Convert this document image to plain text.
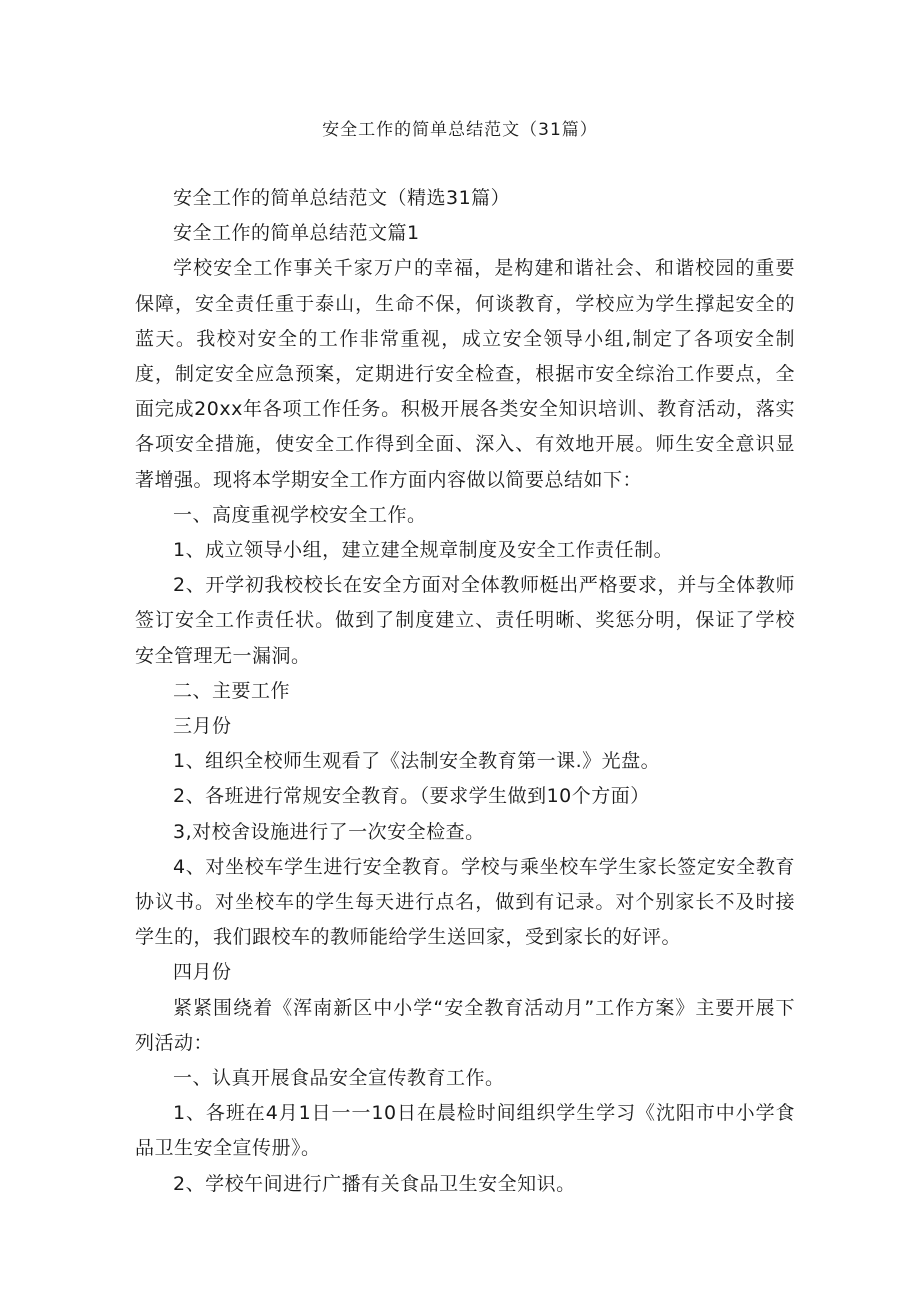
安全工作的简单总结范文（31篇）

安全工作的简单总结范文（精选31篇）

安全工作的简单总结范文篇1

学校安全工作事关千家万户的幸福，是构建和谐社会、和谐校园的重要保障，安全责任重于泰山，生命不保，何谈教育，学校应为学生撑起安全的蓝天。我校对安全的工作非常重视，成立安全领导小组,制定了各项安全制度，制定安全应急预案，定期进行安全检查，根据市安全综治工作要点，全面完成20xx年各项工作任务。积极开展各类安全知识培训、教育活动，落实各项安全措施，使安全工作得到全面、深入、有效地开展。师生安全意识显著增强。现将本学期安全工作方面内容做以简要总结如下：

一、高度重视学校安全工作。

1、成立领导小组，建立建全规章制度及安全工作责任制。

2、开学初我校校长在安全方面对全体教师梃出严格要求，并与全体教师签订安全工作责任状。做到了制度建立、责任明晰、奖惩分明，保证了学校安全管理无一漏洞。

二、主要工作

三月份

1、组织全校师生观看了《法制安全教育第一课.》光盘。

2、各班进行常规安全教育。（要求学生做到10个方面）

3,对校舍设施进行了一次安全检查。

4、对坐校车学生进行安全教育。学校与乘坐校车学生家长签定安全教育协议书。对坐校车的学生每天进行点名，做到有记录。对个别家长不及时接学生的，我们跟校车的教师能给学生送回家，受到家长的好评。

四月份

紧紧围绕着《浑南新区中小学“安全教育活动月”工作方案》主要开展下列活动：

一、认真开展食品安全宣传教育工作。

1、各班在4月1日一一10日在晨检时间组织学生学习《沈阳市中小学食品卫生安全宣传册》。

2、学校午间进行广播有关食品卫生安全知识。
